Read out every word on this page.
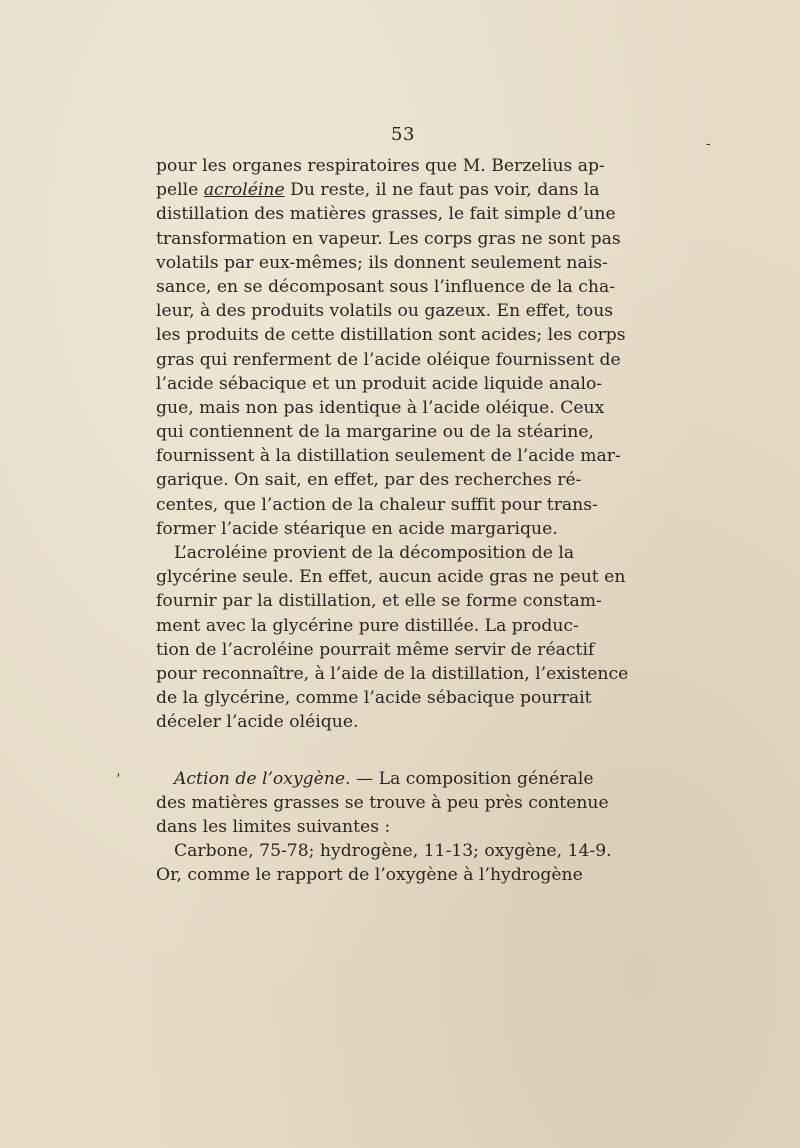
-
’
53
pour les organes respiratoires que M. Berzelius ap-
pelle acroléine Du reste, il ne faut pas voir, dans la
distillation des matières grasses, le fait simple d’une
transformation en vapeur. Les corps gras ne sont pas
volatils par eux-mêmes; ils donnent seulement nais-
sance, en se décomposant sous l’influence de la cha-
leur, à des produits volatils ou gazeux. En effet, tous
les produits de cette distillation sont acides; les corps
gras qui renferment de l’acide oléique fournissent de
l’acide sébacique et un produit acide liquide analo-
gue, mais non pas identique à l’acide oléique. Ceux
qui contiennent de la margarine ou de la stéarine,
fournissent à la distillation seulement de l’acide mar-
garique. On sait, en effet, par des recherches ré-
centes, que l’action de la chaleur suffit pour trans-
former l’acide stéarique en acide margarique.
L’acroléine provient de la décomposition de la
glycérine seule. En effet, aucun acide gras ne peut en
fournir par la distillation, et elle se forme constam-
ment avec la glycérine pure distillée. La produc-
tion de l’acroléine pourrait même servir de réactif
pour reconnaître, à l’aide de la distillation, l’existence
de la glycérine, comme l’acide sébacique pourrait
déceler l’acide oléique.
Action de l’oxygène. — La composition générale
des matières grasses se trouve à peu près contenue
dans les limites suivantes :
Carbone, 75-78; hydrogène, 11-13; oxygène, 14-9.
Or, comme le rapport de l’oxygène à l’hydrogène
